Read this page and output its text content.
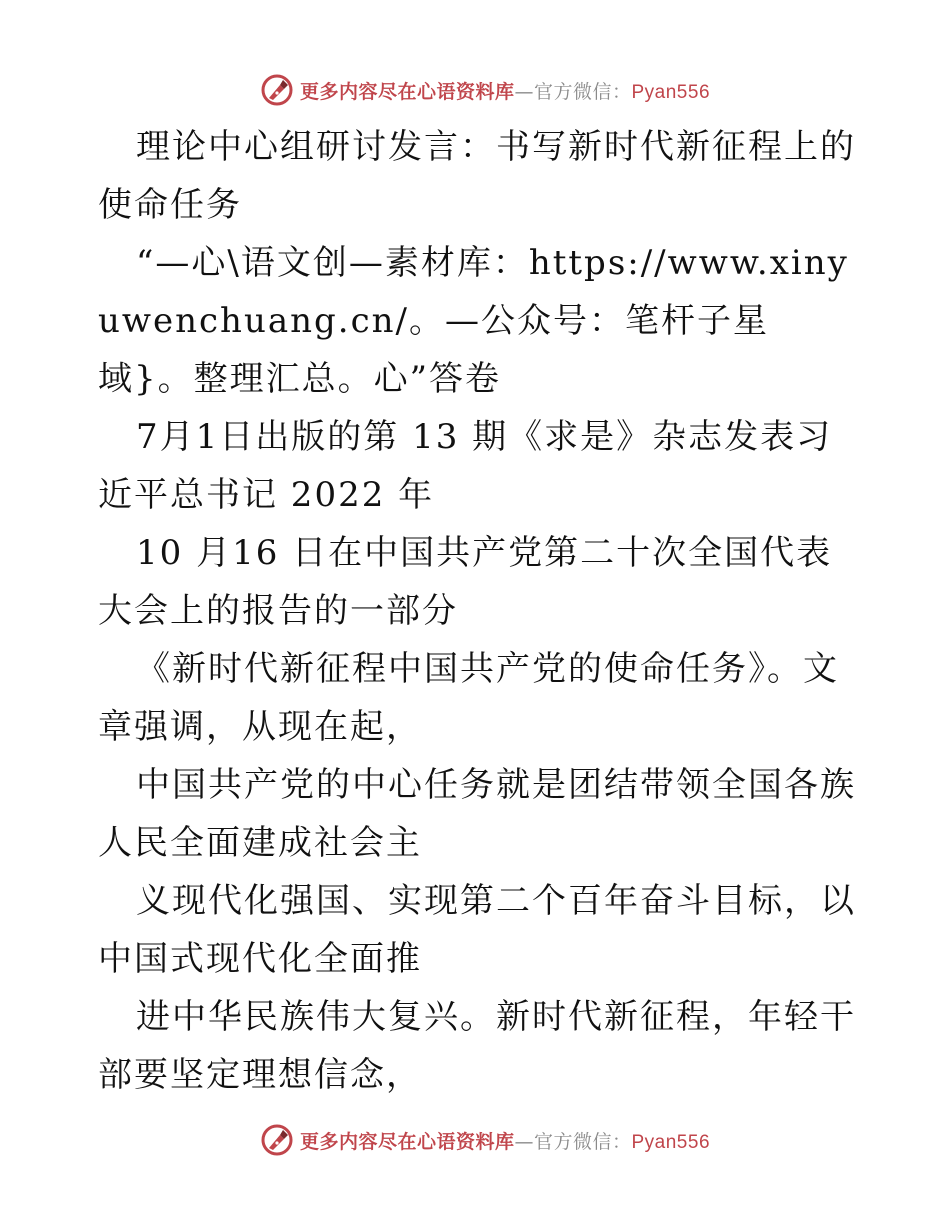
更多内容尽在心语资料库—官方微信：Pyan556

理论中心组研讨发言：书写新时代新征程上的使命任务

“—心\语文创—素材库：https://www.xinyuwenchuang.cn/。—公众号：笔杆子星域}。整理汇总。心”答卷

7月1日出版的第 13 期《求是》杂志发表习近平总书记 2022 年

10 月16 日在中国共产党第二十次全国代表大会上的报告的一部分

《新时代新征程中国共产党的使命任务》。文章强调，从现在起，

中国共产党的中心任务就是团结带领全国各族人民全面建成社会主

义现代化强国、实现第二个百年奋斗目标，以中国式现代化全面推

进中华民族伟大复兴。新时代新征程，年轻干部要坚定理想信念，

更多内容尽在心语资料库—官方微信：Pyan556
